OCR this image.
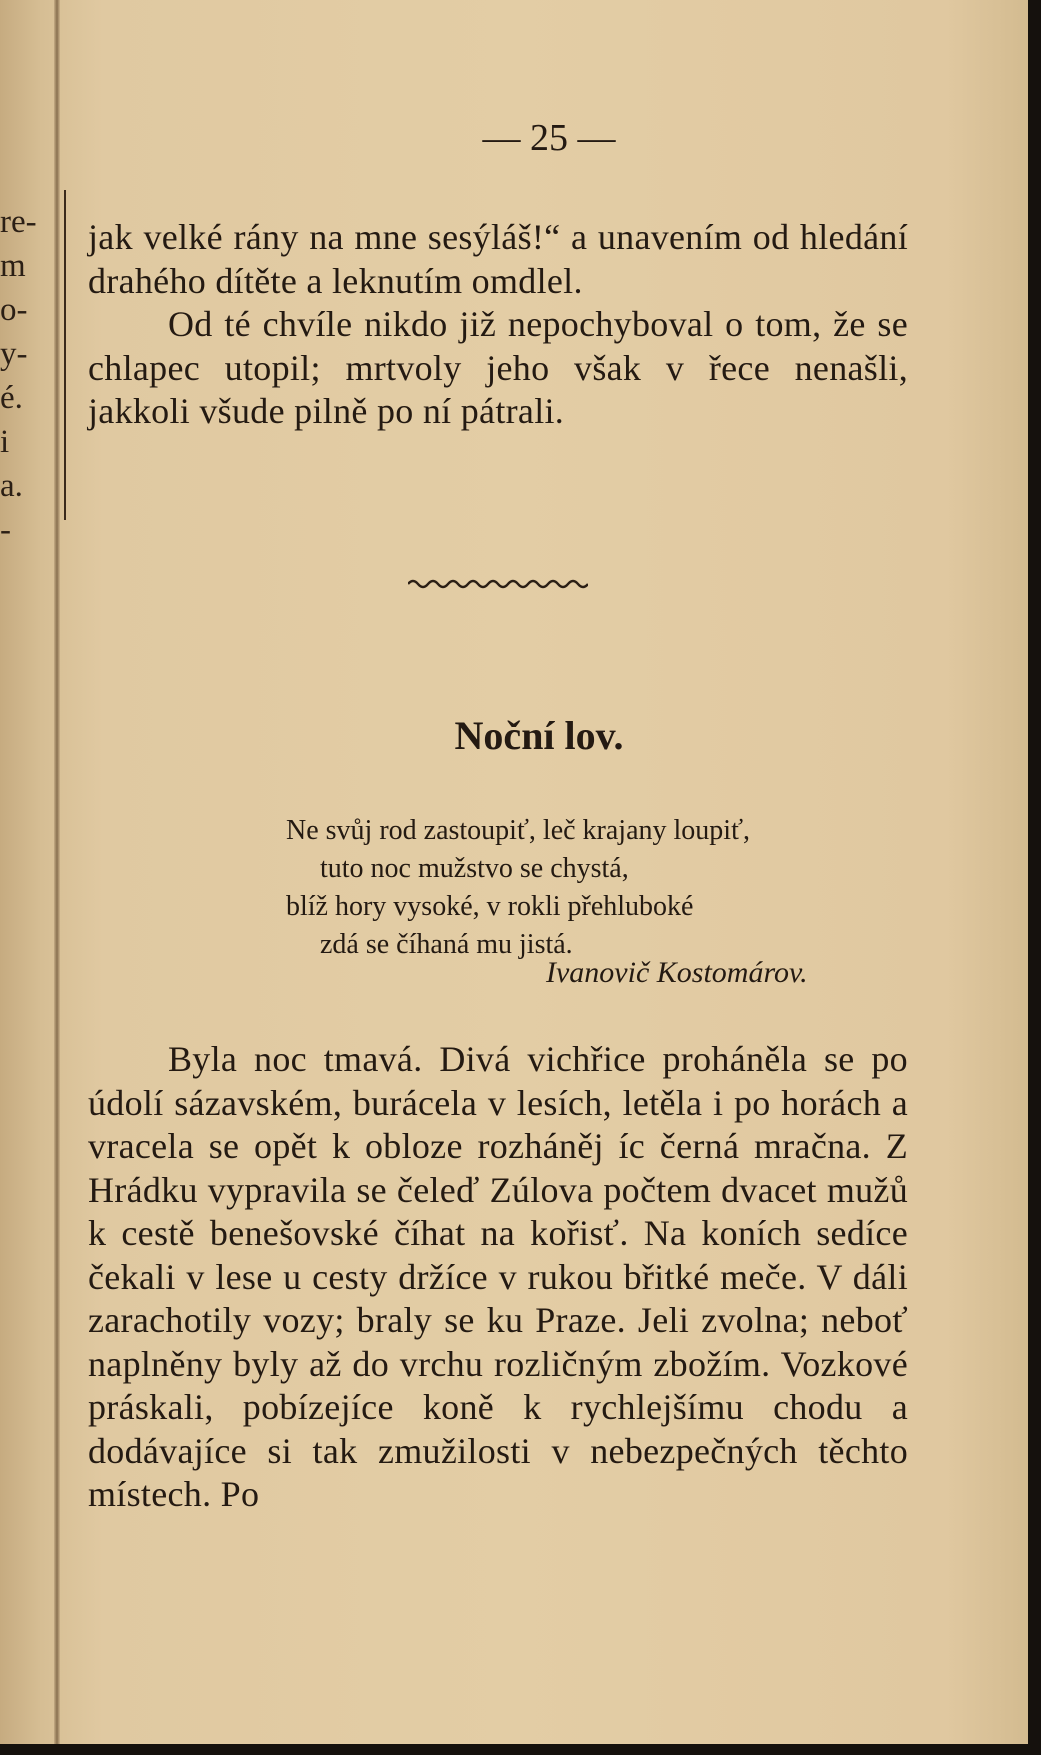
re-
m
o-
y-
é.
i
a.
-
— 25 —
jak velké rány na mne sesýláš!“ a unavením od hledání drahého dítěte a leknutím omdlel.
Od té chvíle nikdo již nepochyboval o tom, že se chlapec utopil; mrtvoly jeho však v řece nenašli, jakkoli všude pilně po ní pátrali.
Noční lov.
Ne svůj rod zastoupiť, leč krajany loupiť,
tuto noc mužstvo se chystá,
blíž hory vysoké, v rokli přehluboké
zdá se číhaná mu jistá.
Ivanovič Kostomárov.
Byla noc tmavá. Divá vichřice proháněla se po údolí sázavském, burácela v lesích, letěla i po horách a vracela se opět k obloze rozháněj íc černá mračna. Z Hrádku vypravila se čeleď Zúlova počtem dvacet mužů k cestě benešovské číhat na kořisť. Na koních sedíce čekali v lese u cesty držíce v rukou břitké meče. V dáli zarachotily vozy; braly se ku Praze. Jeli zvolna; neboť naplněny byly až do vrchu rozličným zbožím. Vozkové práskali, pobízejíce koně k rychlejšímu chodu a dodávajíce si tak zmužilosti v nebezpečných těchto místech. Po
